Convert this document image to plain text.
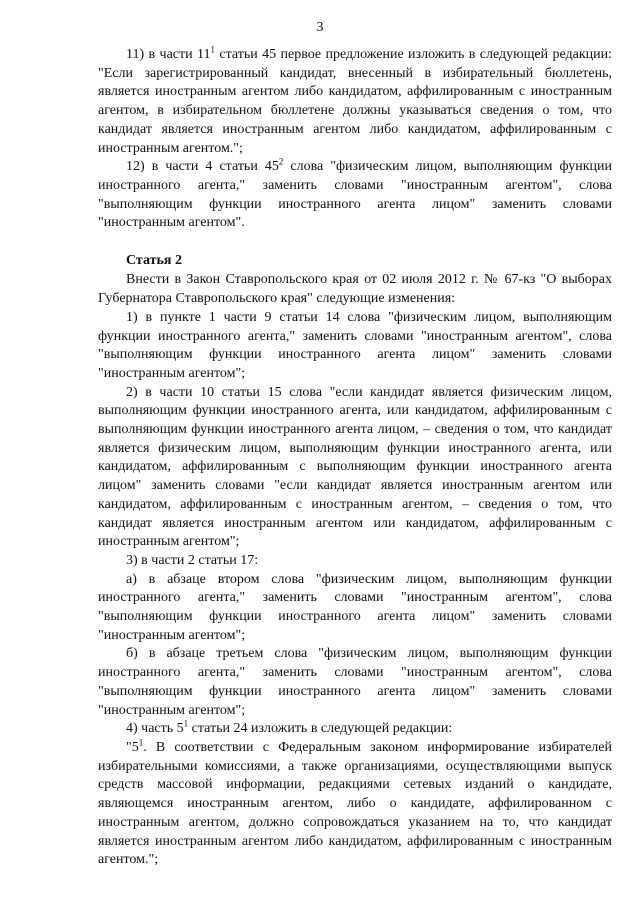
3

11) в части $11^1$ статьи 45 первое предложение изложить в следующей редакции: "Если зарегистрированный кандидат, внесенный в избирательный бюллетень, является иностранным агентом либо кандидатом, аффилированным с иностранным агентом, в избирательном бюллетене должны указываться сведения о том, что кандидат является иностранным агентом либо кандидатом, аффилированным с иностранным агентом.";

12) в части 4 статьи $45^2$ слова "физическим лицом, выполняющим функции иностранного агента," заменить словами "иностранным агентом", слова "выполняющим функции иностранного агента лицом" заменить словами "иностранным агентом".

Статья 2

Внести в Закон Ставропольского края от 02 июля 2012 г. № 67-кз "О выборах Губернатора Ставропольского края" следующие изменения:

1) в пункте 1 части 9 статьи 14 слова "физическим лицом, выполняющим функции иностранного агента," заменить словами "иностранным агентом", слова "выполняющим функции иностранного агента лицом" заменить словами "иностранным агентом";

2) в части 10 статьи 15 слова "если кандидат является физическим лицом, выполняющим функции иностранного агента, или кандидатом, аффилированным с выполняющим функции иностранного агента лицом, – сведения о том, что кандидат является физическим лицом, выполняющим функции иностранного агента, или кандидатом, аффилированным с выполняющим функции иностранного агента лицом" заменить словами "если кандидат является иностранным агентом или кандидатом, аффилированным с иностранным агентом, – сведения о том, что кандидат является иностранным агентом или кандидатом, аффилированным с иностранным агентом";

3) в части 2 статьи 17:

а) в абзаце втором слова "физическим лицом, выполняющим функции иностранного агента," заменить словами "иностранным агентом", слова "выполняющим функции иностранного агента лицом" заменить словами "иностранным агентом";

б) в абзаце третьем слова "физическим лицом, выполняющим функции иностранного агента," заменить словами "иностранным агентом", слова "выполняющим функции иностранного агента лицом" заменить словами "иностранным агентом";

4) часть $5^1$ статьи 24 изложить в следующей редакции:

"$5^1$. В соответствии с Федеральным законом информирование избирателей избирательными комиссиями, а также организациями, осуществляющими выпуск средств массовой информации, редакциями сетевых изданий о кандидате, являющемся иностранным агентом, либо о кандидате, аффилированном с иностранным агентом, должно сопровождаться указанием на то, что кандидат является иностранным агентом либо кандидатом, аффилированным с иностранным агентом.";
